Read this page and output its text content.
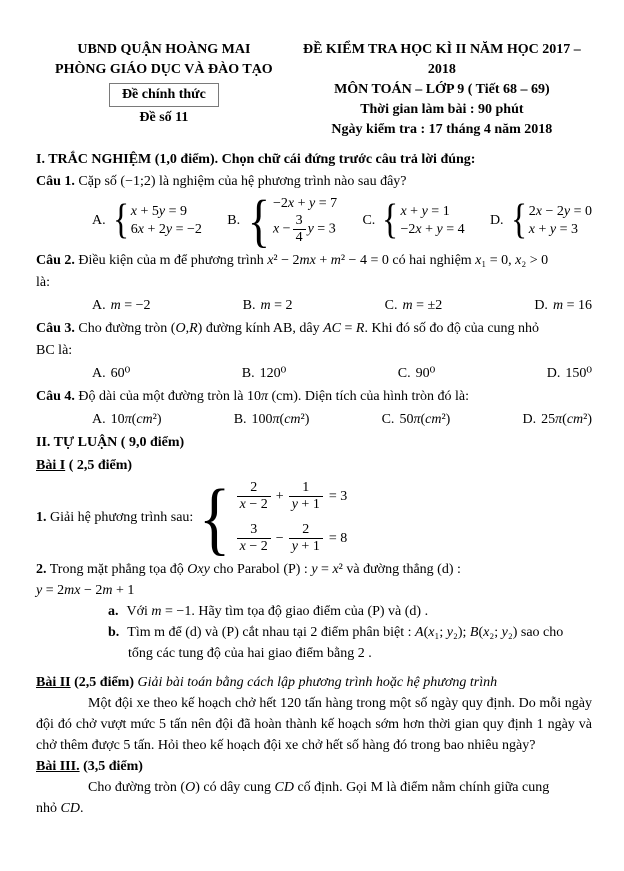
UBND QUẬN HOÀNG MAI
PHÒNG GIÁO DỤC VÀ ĐÀO TẠO
Đề chính thức
Đề số 11
ĐỀ KIỂM TRA HỌC KÌ II NĂM HỌC 2017 – 2018
MÔN TOÁN – LỚP 9 ( Tiết 68 – 69)
Thời gian làm bài : 90 phút
Ngày kiểm tra : 17 tháng 4 năm 2018
I. TRẮC NGHIỆM (1,0 điểm). Chọn chữ cái đứng trước câu trả lời đúng:
Câu 1. Cặp số (−1;2) là nghiệm của hệ phương trình nào sau đây?
A. { x + 5y = 9
6x + 2y = −2
B. { −2x + y = 7
$x - \frac{3}{4}$ y = 3
C. { x + y = 1
−2x + y = 4
D. { 2x − 2y = 0
x + y = 3
Câu 2. Điều kiện của m để phương trình x² − 2mx + m² − 4 = 0 có hai nghiệm x₁ = 0, x₂ > 0
là:
A. m = −2	B. m = 2	C. m = ±2	D. m = 16
Câu 3. Cho đường tròn (O,R) đường kính AB, dây AC = R. Khi đó số đo độ của cung nhỏ
BC là:
A. 60⁰	B. 120⁰	C. 90⁰	D. 150⁰
Câu 4. Độ dài của một đường tròn là 10π (cm). Diện tích của hình tròn đó là:
A. 10π(cm²)	B. 100π(cm²)	C. 50π(cm²)	D. 25π(cm²)
II. TỰ LUẬN ( 9,0 điểm)
Bài I ( 2,5 điểm)
1. Giải hệ phương trình sau: { $\frac{2}{x - 2} + \frac{1}{y + 1} = 3$
$\frac{3}{x - 2} - \frac{2}{y + 1} = 8$
2. Trong mặt phẳng tọa độ Oxy cho Parabol (P) : y = x² và đường thẳng (d) :
y = 2mx − 2m + 1
a. Với m = −1. Hãy tìm tọa độ giao điểm của (P) và (d) .
b. Tìm m để (d) và (P) cắt nhau tại 2 điểm phân biệt : A(x₁; y₂); B(x₂; y₂) sao cho
tổng các tung độ của hai giao điểm bằng 2 .
Bài II (2,5 điểm) Giải bài toán bằng cách lập phương trình hoặc hệ phương trình
Một đội xe theo kế hoạch chở hết 120 tấn hàng trong một số ngày quy định. Do mỗi ngày đội đó chở vượt mức 5 tấn nên đội đã hoàn thành kế hoạch sớm hơn thời gian quy định 1 ngày và chở thêm được 5 tấn. Hỏi theo kế hoạch đội xe chở hết số hàng đó trong bao nhiêu ngày?
Bài III. (3,5 điểm)
Cho đường tròn (O) có dây cung CD cố định. Gọi M là điểm nằm chính giữa cung
nhỏ CD.
